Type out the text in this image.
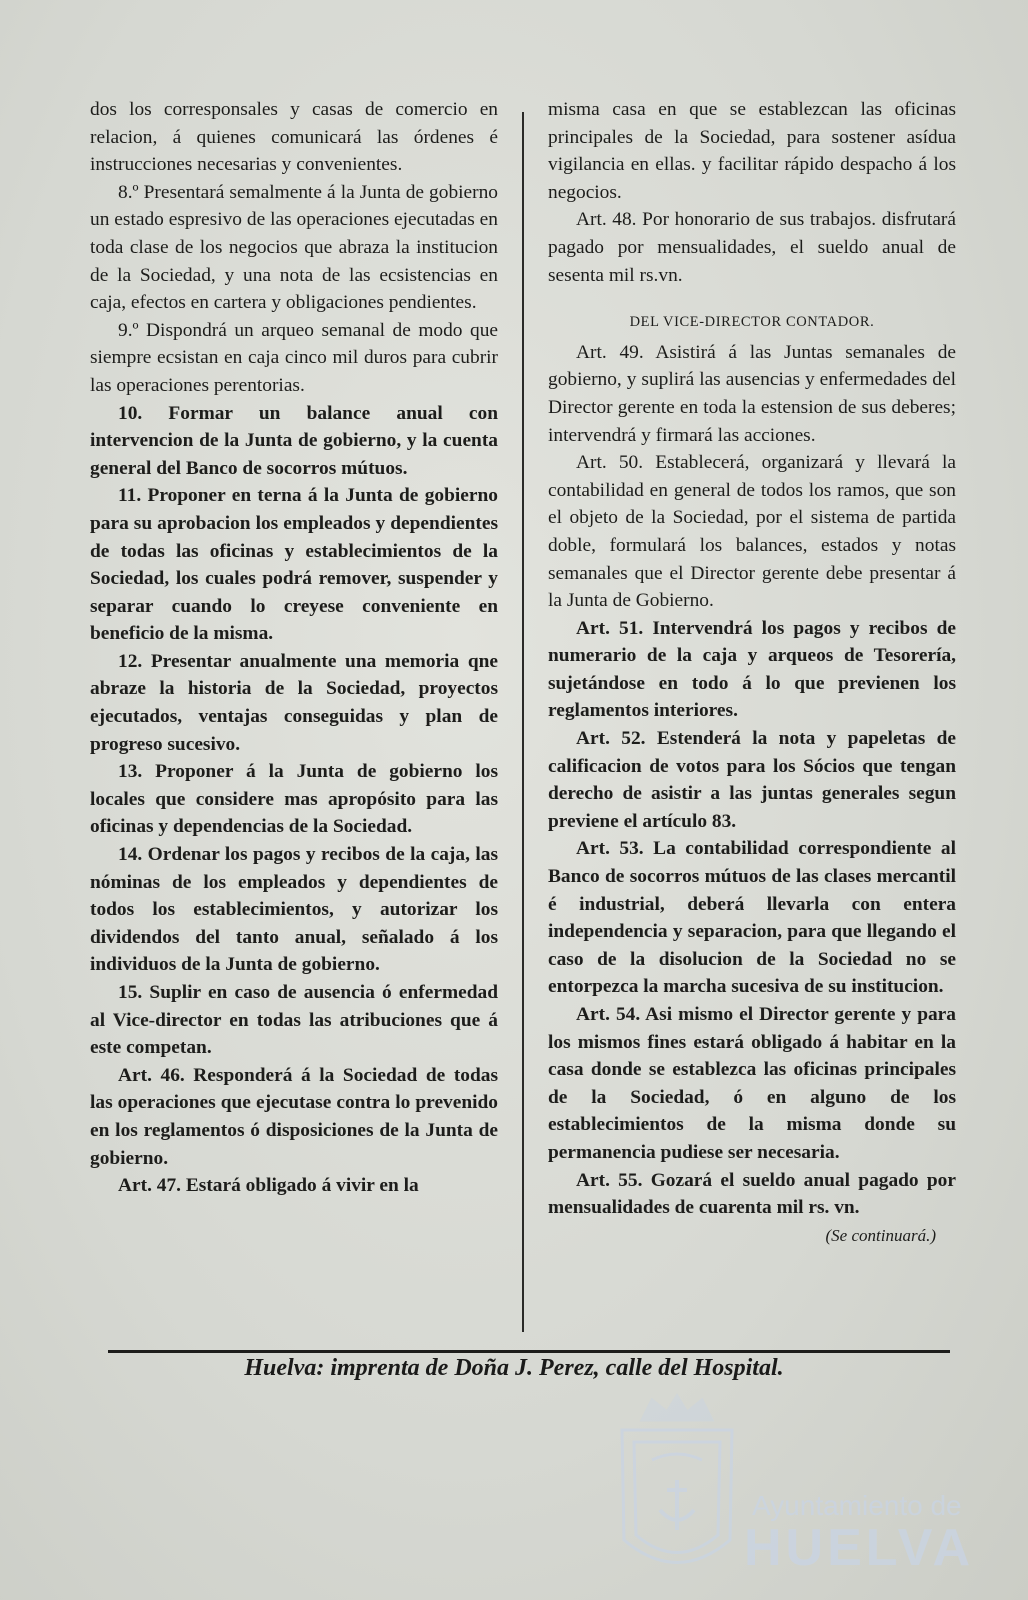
dos los corresponsales y casas de comercio en relacion, á quienes comunicará las órdenes é instrucciones necesarias y convenientes.

8.º Presentará semalmente á la Junta de gobierno un estado espresivo de las operaciones ejecutadas en toda clase de los negocios que abraza la institucion de la Sociedad, y una nota de las ecsistencias en caja, efectos en cartera y obligaciones pendientes.

9.º Dispondrá un arqueo semanal de modo que siempre ecsistan en caja cinco mil duros para cubrir las operaciones perentorias.

10. Formar un balance anual con intervencion de la Junta de gobierno, y la cuenta general del Banco de socorros mútuos.

11. Proponer en terna á la Junta de gobierno para su aprobacion los empleados y dependientes de todas las oficinas y establecimientos de la Sociedad, los cuales podrá remover, suspender y separar cuando lo creyese conveniente en beneficio de la misma.

12. Presentar anualmente una memoria qne abraze la historia de la Sociedad, proyectos ejecutados, ventajas conseguidas y plan de progreso sucesivo.

13. Proponer á la Junta de gobierno los locales que considere mas apropósito para las oficinas y dependencias de la Sociedad.

14. Ordenar los pagos y recibos de la caja, las nóminas de los empleados y dependientes de todos los establecimientos, y autorizar los dividendos del tanto anual, señalado á los individuos de la Junta de gobierno.

15. Suplir en caso de ausencia ó enfermedad al Vice-director en todas las atribuciones que á este competan.

Art. 46. Responderá á la Sociedad de todas las operaciones que ejecutase contra lo prevenido en los reglamentos ó disposiciones de la Junta de gobierno.

Art. 47. Estará obligado á vivir en la

misma casa en que se establezcan las oficinas principales de la Sociedad, para sostener asídua vigilancia en ellas. y facilitar rápido despacho á los negocios.

Art. 48. Por honorario de sus trabajos. disfrutará pagado por mensualidades, el sueldo anual de sesenta mil rs.vn.

DEL VICE-DIRECTOR CONTADOR.

Art. 49. Asistirá á las Juntas semanales de gobierno, y suplirá las ausencias y enfermedades del Director gerente en toda la estension de sus deberes; intervendrá y firmará las acciones.

Art. 50. Establecerá, organizará y llevará la contabilidad en general de todos los ramos, que son el objeto de la Sociedad, por el sistema de partida doble, formulará los balances, estados y notas semanales que el Director gerente debe presentar á la Junta de Gobierno.

Art. 51. Intervendrá los pagos y recibos de numerario de la caja y arqueos de Tesorería, sujetándose en todo á lo que previenen los reglamentos interiores.

Art. 52. Estenderá la nota y papeletas de calificacion de votos para los Sócios que tengan derecho de asistir a las juntas generales segun previene el artículo 83.

Art. 53. La contabilidad correspondiente al Banco de socorros mútuos de las clases mercantil é industrial, deberá llevarla con entera independencia y separacion, para que llegando el caso de la disolucion de la Sociedad no se entorpezca la marcha sucesiva de su institucion.

Art. 54. Asi mismo el Director gerente y para los mismos fines estará obligado á habitar en la casa donde se establezca las oficinas principales de la Sociedad, ó en alguno de los establecimientos de la misma donde su permanencia pudiese ser necesaria.

Art. 55. Gozará el sueldo anual pagado por mensualidades de cuarenta mil rs. vn.

(Se continuará.)

Huelva: imprenta de Doña J. Perez, calle del Hospital.
Ayuntamiento de
HUELVA
